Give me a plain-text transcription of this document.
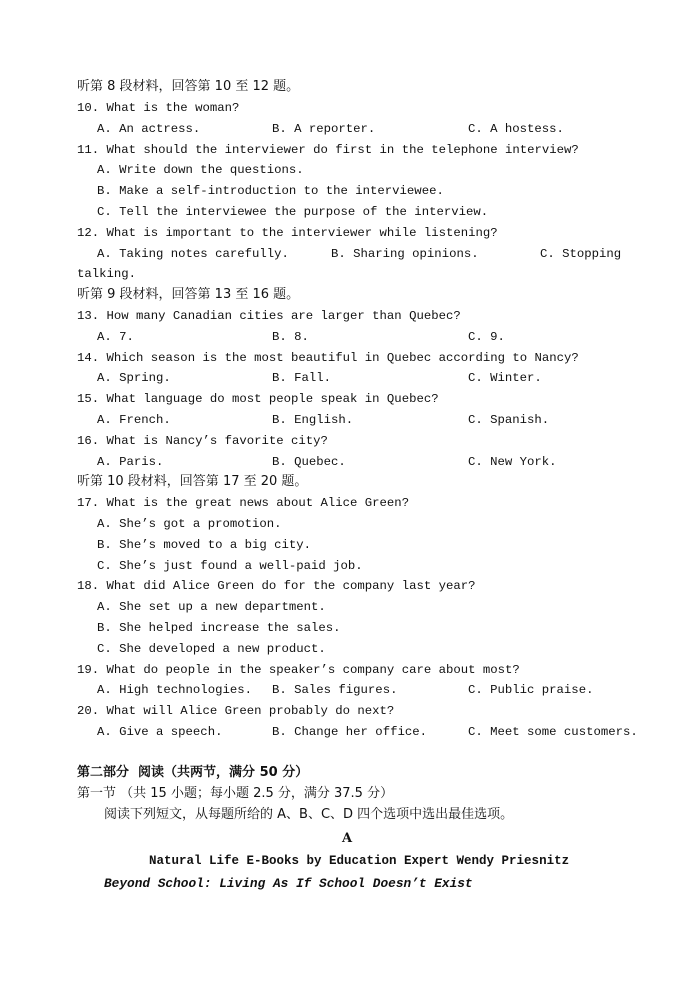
听第 8 段材料，回答第 10 至 12 题。
10. What is the woman?
A. An actress.	B. A reporter.	C. A hostess.
11. What should the interviewer do first in the telephone interview?
A. Write down the questions.
B. Make a self-introduction to the interviewee.
C. Tell the interviewee the purpose of the interview.
12. What is important to the interviewer while listening?
A. Taking notes carefully.	B. Sharing opinions.	C. Stopping
talking.
听第 9 段材料，回答第 13 至 16 题。
13. How many Canadian cities are larger than Quebec?
A. 7.	B. 8.	C. 9.
14. Which season is the most beautiful in Quebec according to Nancy?
A. Spring.	B. Fall.	C. Winter.
15. What language do most people speak in Quebec?
A. French.	B. English.	C. Spanish.
16. What is Nancy’s favorite city?
A. Paris.	B. Quebec.	C. New York.
听第 10 段材料，回答第 17 至 20 题。
17. What is the great news about Alice Green?
A. She’s got a promotion.
B. She’s moved to a big city.
C. She’s just found a well-paid job.
18. What did Alice Green do for the company last year?
A. She set up a new department.
B. She helped increase the sales.
C. She developed a new product.
19. What do people in the speaker’s company care about most?
A. High technologies. B. Sales figures.	C. Public praise.
20. What will Alice Green probably do next?
A. Give a speech.	B. Change her office.	C. Meet some customers.
第二部分  阅读（共两节，满分 50 分）
第一节 （共 15 小题；每小题 2.5 分，满分 37.5 分）
阅读下列短文，从每题所给的 A、B、C、D 四个选项中选出最佳选项。
A
Natural Life E-Books by Education Expert Wendy Priesnitz
Beyond School: Living As If School Doesn’t Exist
